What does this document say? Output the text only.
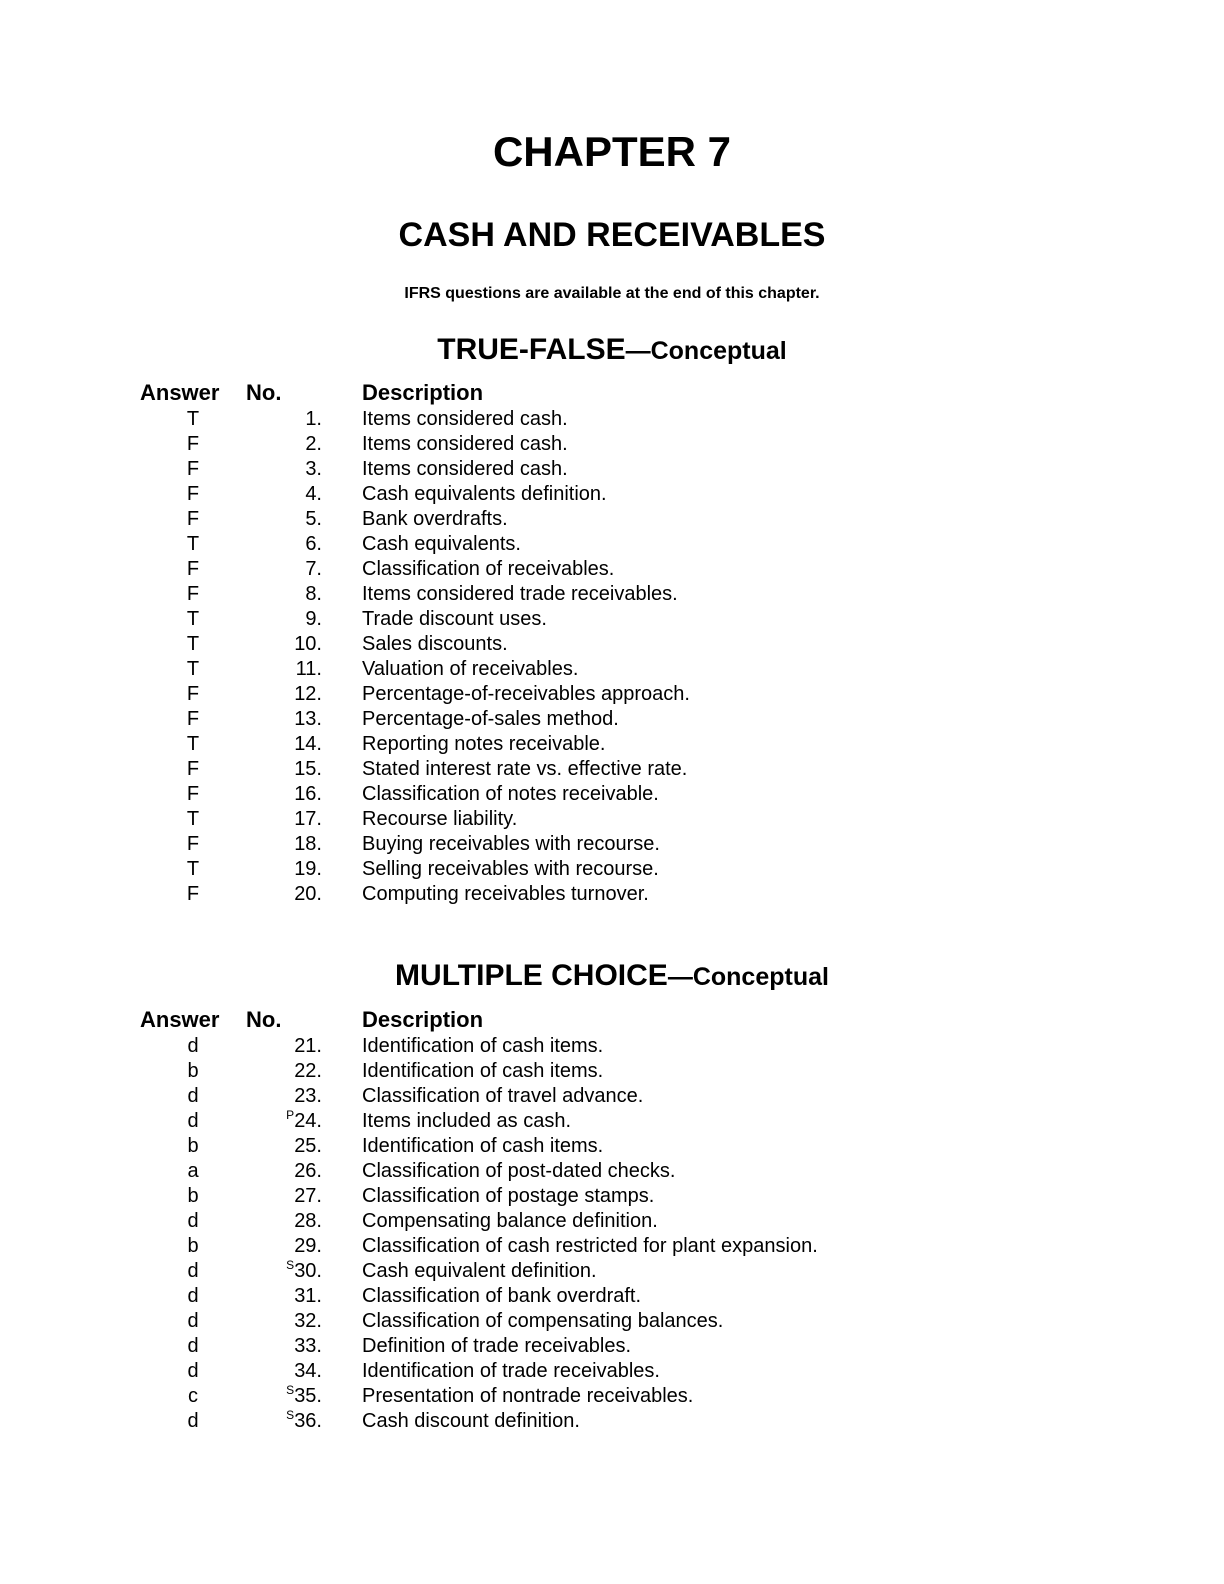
CHAPTER 7
CASH AND RECEIVABLES
IFRS questions are available at the end of this chapter.
TRUE-FALSE—Conceptual
Answer	No.	Description
T	1.	Items considered cash.
F	2.	Items considered cash.
F	3.	Items considered cash.
F	4.	Cash equivalents definition.
F	5.	Bank overdrafts.
T	6.	Cash equivalents.
F	7.	Classification of receivables.
F	8.	Items considered trade receivables.
T	9.	Trade discount uses.
T	10.	Sales discounts.
T	11.	Valuation of receivables.
F	12.	Percentage-of-receivables approach.
F	13.	Percentage-of-sales method.
T	14.	Reporting notes receivable.
F	15.	Stated interest rate vs. effective rate.
F	16.	Classification of notes receivable.
T	17.	Recourse liability.
F	18.	Buying receivables with recourse.
T	19.	Selling receivables with recourse.
F	20.	Computing receivables turnover.
MULTIPLE CHOICE—Conceptual
Answer	No.	Description
d	21.	Identification of cash items.
b	22.	Identification of cash items.
d	23.	Classification of travel advance.
d	$^P$24.	Items included as cash.
b	25.	Identification of cash items.
a	26.	Classification of post-dated checks.
b	27.	Classification of postage stamps.
d	28.	Compensating balance definition.
b	29.	Classification of cash restricted for plant expansion.
d	$^S$30.	Cash equivalent definition.
d	31.	Classification of bank overdraft.
d	32.	Classification of compensating balances.
d	33.	Definition of trade receivables.
d	34.	Identification of trade receivables.
c	$^S$35.	Presentation of nontrade receivables.
d	$^S$36.	Cash discount definition.
